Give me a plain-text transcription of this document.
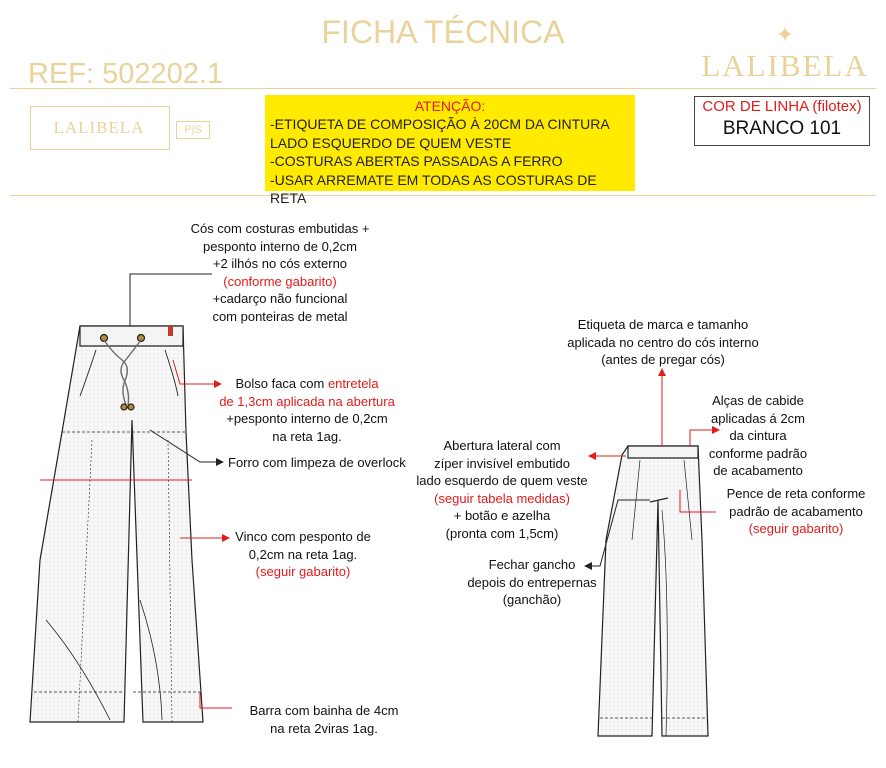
FICHA TÉCNICA
REF: 502202.1
✦
LALIBELA
LALIBELA	P|S
ATENÇÃO:
-ETIQUETA DE COMPOSIÇÃO À 20CM DA CINTURA
LADO ESQUERDO DE QUEM VESTE
-COSTURAS ABERTAS PASSADAS A FERRO
-USAR ARREMATE EM TODAS AS COSTURAS DE RETA
COR DE LINHA (filotex)
BRANCO 101
Cós com costuras embutidas +
pesponto interno de 0,2cm
+2 ilhós no cós externo
(conforme gabarito)
+cadarço não funcional
com ponteiras de metal
Bolso faca com entretela
de 1,3cm aplicada na abertura
+pesponto interno de 0,2cm
na reta 1ag.
Forro com limpeza de overlock
Vinco com pesponto de
0,2cm na reta 1ag.
(seguir gabarito)
Barra com bainha de 4cm
na reta 2viras 1ag.
Etiqueta de marca e tamanho
aplicada no centro do cós interno
(antes de pregar cós)
Alças de cabide
aplicadas á 2cm
da cintura
conforme padrão
de acabamento
Abertura lateral com
zíper invisível embutido
lado esquerdo de quem veste
(seguir tabela medidas)
+ botão e azelha
(pronta com 1,5cm)
Pence de reta conforme
padrão de acabamento
(seguir gabarito)
Fechar gancho
depois do entrepernas
(ganchão)
